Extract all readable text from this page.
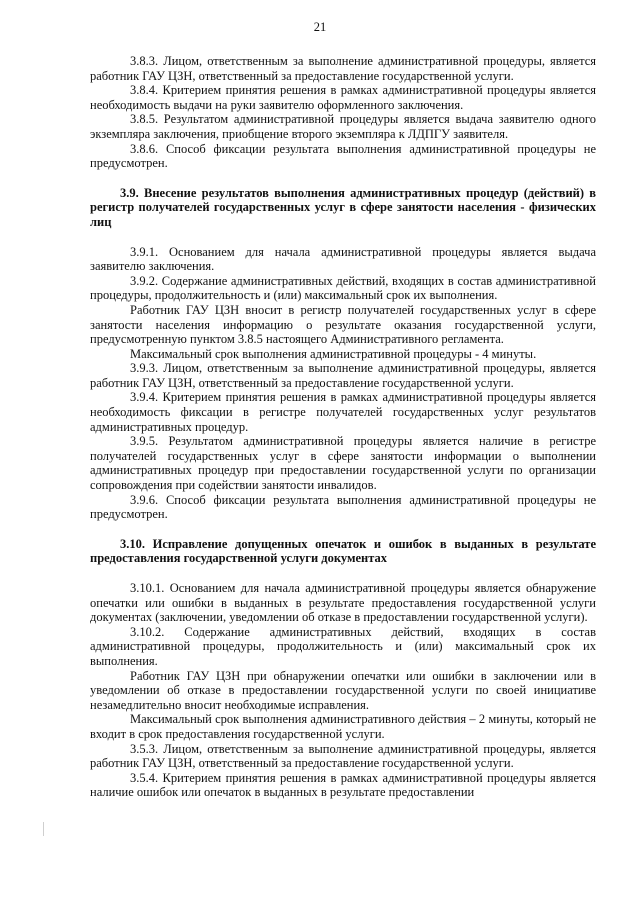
21

3.8.3. Лицом, ответственным за выполнение административной процедуры, является работник ГАУ ЦЗН, ответственный за предоставление государственной услуги.

3.8.4. Критерием принятия решения в рамках административной процедуры является необходимость выдачи на руки заявителю оформленного заключения.

3.8.5. Результатом административной процедуры является выдача заявителю одного экземпляра заключения, приобщение второго экземпляра к ЛДПГУ заявителя.

3.8.6. Способ фиксации результата выполнения административной процедуры не предусмотрен.

3.9. Внесение результатов выполнения административных процедур (действий) в регистр получателей государственных услуг в сфере занятости населения - физических лиц

3.9.1. Основанием для начала административной процедуры является выдача заявителю заключения.

3.9.2. Содержание административных действий, входящих в состав административной процедуры, продолжительность и (или) максимальный срок их выполнения.

Работник ГАУ ЦЗН вносит в регистр получателей государственных услуг в сфере занятости населения информацию о результате оказания государственной услуги, предусмотренную пунктом 3.8.5 настоящего Административного регламента.

Максимальный срок выполнения административной процедуры - 4 минуты.

3.9.3. Лицом, ответственным за выполнение административной процедуры, является работник ГАУ ЦЗН, ответственный за предоставление государственной услуги.

3.9.4. Критерием принятия решения в рамках административной процедуры является необходимость фиксации в регистре получателей государственных услуг результатов административных процедур.

3.9.5. Результатом административной процедуры является наличие в регистре получателей государственных услуг в сфере занятости информации о выполнении административных процедур при предоставлении государственной услуги по организации сопровождения при содействии занятости инвалидов.

3.9.6. Способ фиксации результата выполнения административной процедуры не предусмотрен.

3.10. Исправление допущенных опечаток и ошибок в выданных в результате предоставления государственной услуги документах

3.10.1. Основанием для начала административной процедуры является обнаружение опечатки или ошибки в выданных в результате предоставления государственной услуги документах (заключении, уведомлении об отказе в предоставлении государственной услуги).

3.10.2. Содержание административных действий, входящих в состав административной процедуры, продолжительность и (или) максимальный срок их выполнения.

Работник ГАУ ЦЗН при обнаружении опечатки или ошибки в заключении или в уведомлении об отказе в предоставлении государственной услуги по своей инициативе незамедлительно вносит необходимые исправления.

Максимальный срок выполнения административного действия – 2 минуты, который не входит в срок предоставления государственной услуги.

3.5.3. Лицом, ответственным за выполнение административной процедуры, является работник ГАУ ЦЗН, ответственный за предоставление государственной услуги.

3.5.4. Критерием принятия решения в рамках административной процедуры является наличие ошибок или опечаток в выданных в результате предоставлении
